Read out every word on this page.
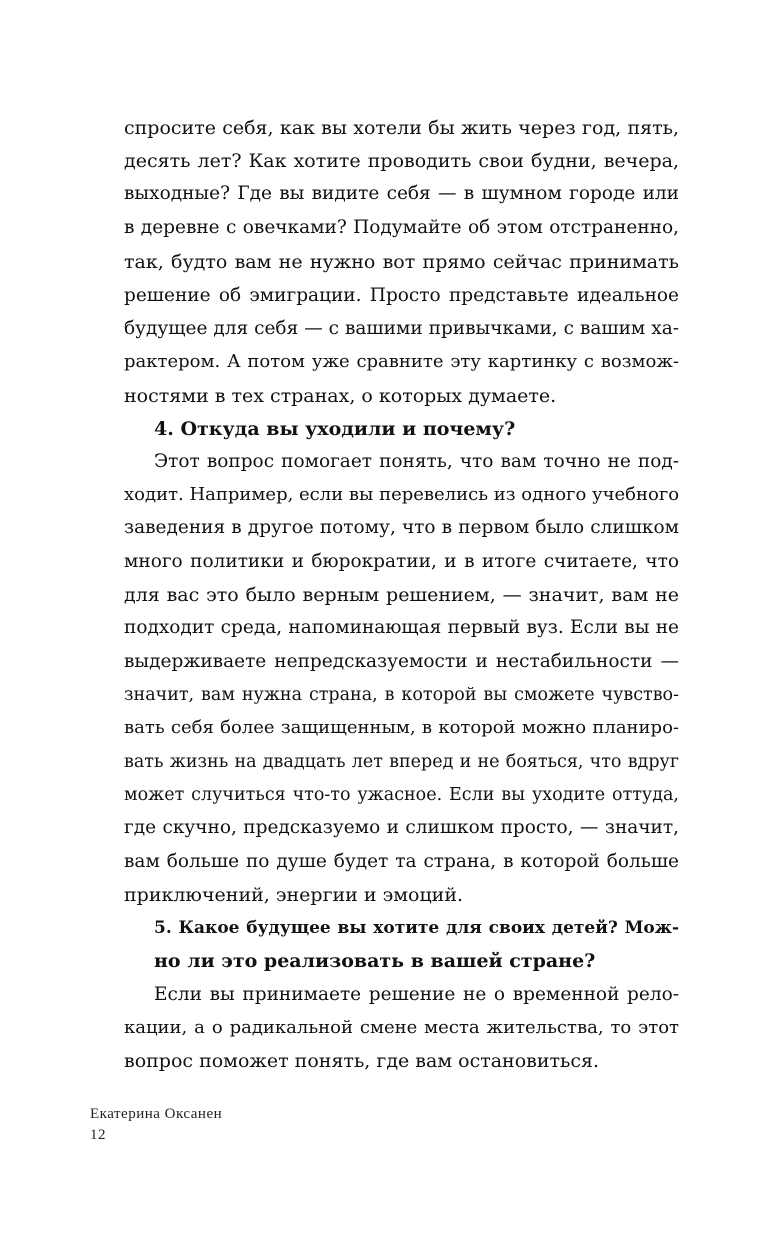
спросите себя, как вы хотели бы жить через год, пять,
десять лет? Как хотите проводить свои будни, вечера,
выходные? Где вы видите себя — в шумном городе или
в деревне с овечками? Подумайте об этом отстраненно,
так, будто вам не нужно вот прямо сейчас принимать
решение об эмиграции. Просто представьте идеальное
будущее для себя — с вашими привычками, с вашим ха-
рактером. А потом уже сравните эту картинку с возмож-
ностями в тех странах, о которых думаете.
4. Откуда вы уходили и почему?
Этот вопрос помогает понять, что вам точно не под-
ходит. Например, если вы перевелись из одного учебного
заведения в другое потому, что в первом было слишком
много политики и бюрократии, и в итоге считаете, что
для вас это было верным решением, — значит, вам не
подходит среда, напоминающая первый вуз. Если вы не
выдерживаете непредсказуемости и нестабильности —
значит, вам нужна страна, в которой вы сможете чувство-
вать себя более защищенным, в которой можно планиро-
вать жизнь на двадцать лет вперед и не бояться, что вдруг
может случиться что-то ужасное. Если вы уходите оттуда,
где скучно, предсказуемо и слишком просто, — значит,
вам больше по душе будет та страна, в которой больше
приключений, энергии и эмоций.
5. Какое будущее вы хотите для своих детей? Мож-
но ли это реализовать в вашей стране?
Если вы принимаете решение не о временной рело-
кации, а о радикальной смене места жительства, то этот
вопрос поможет понять, где вам остановиться.
Екатерина Оксанен
12
